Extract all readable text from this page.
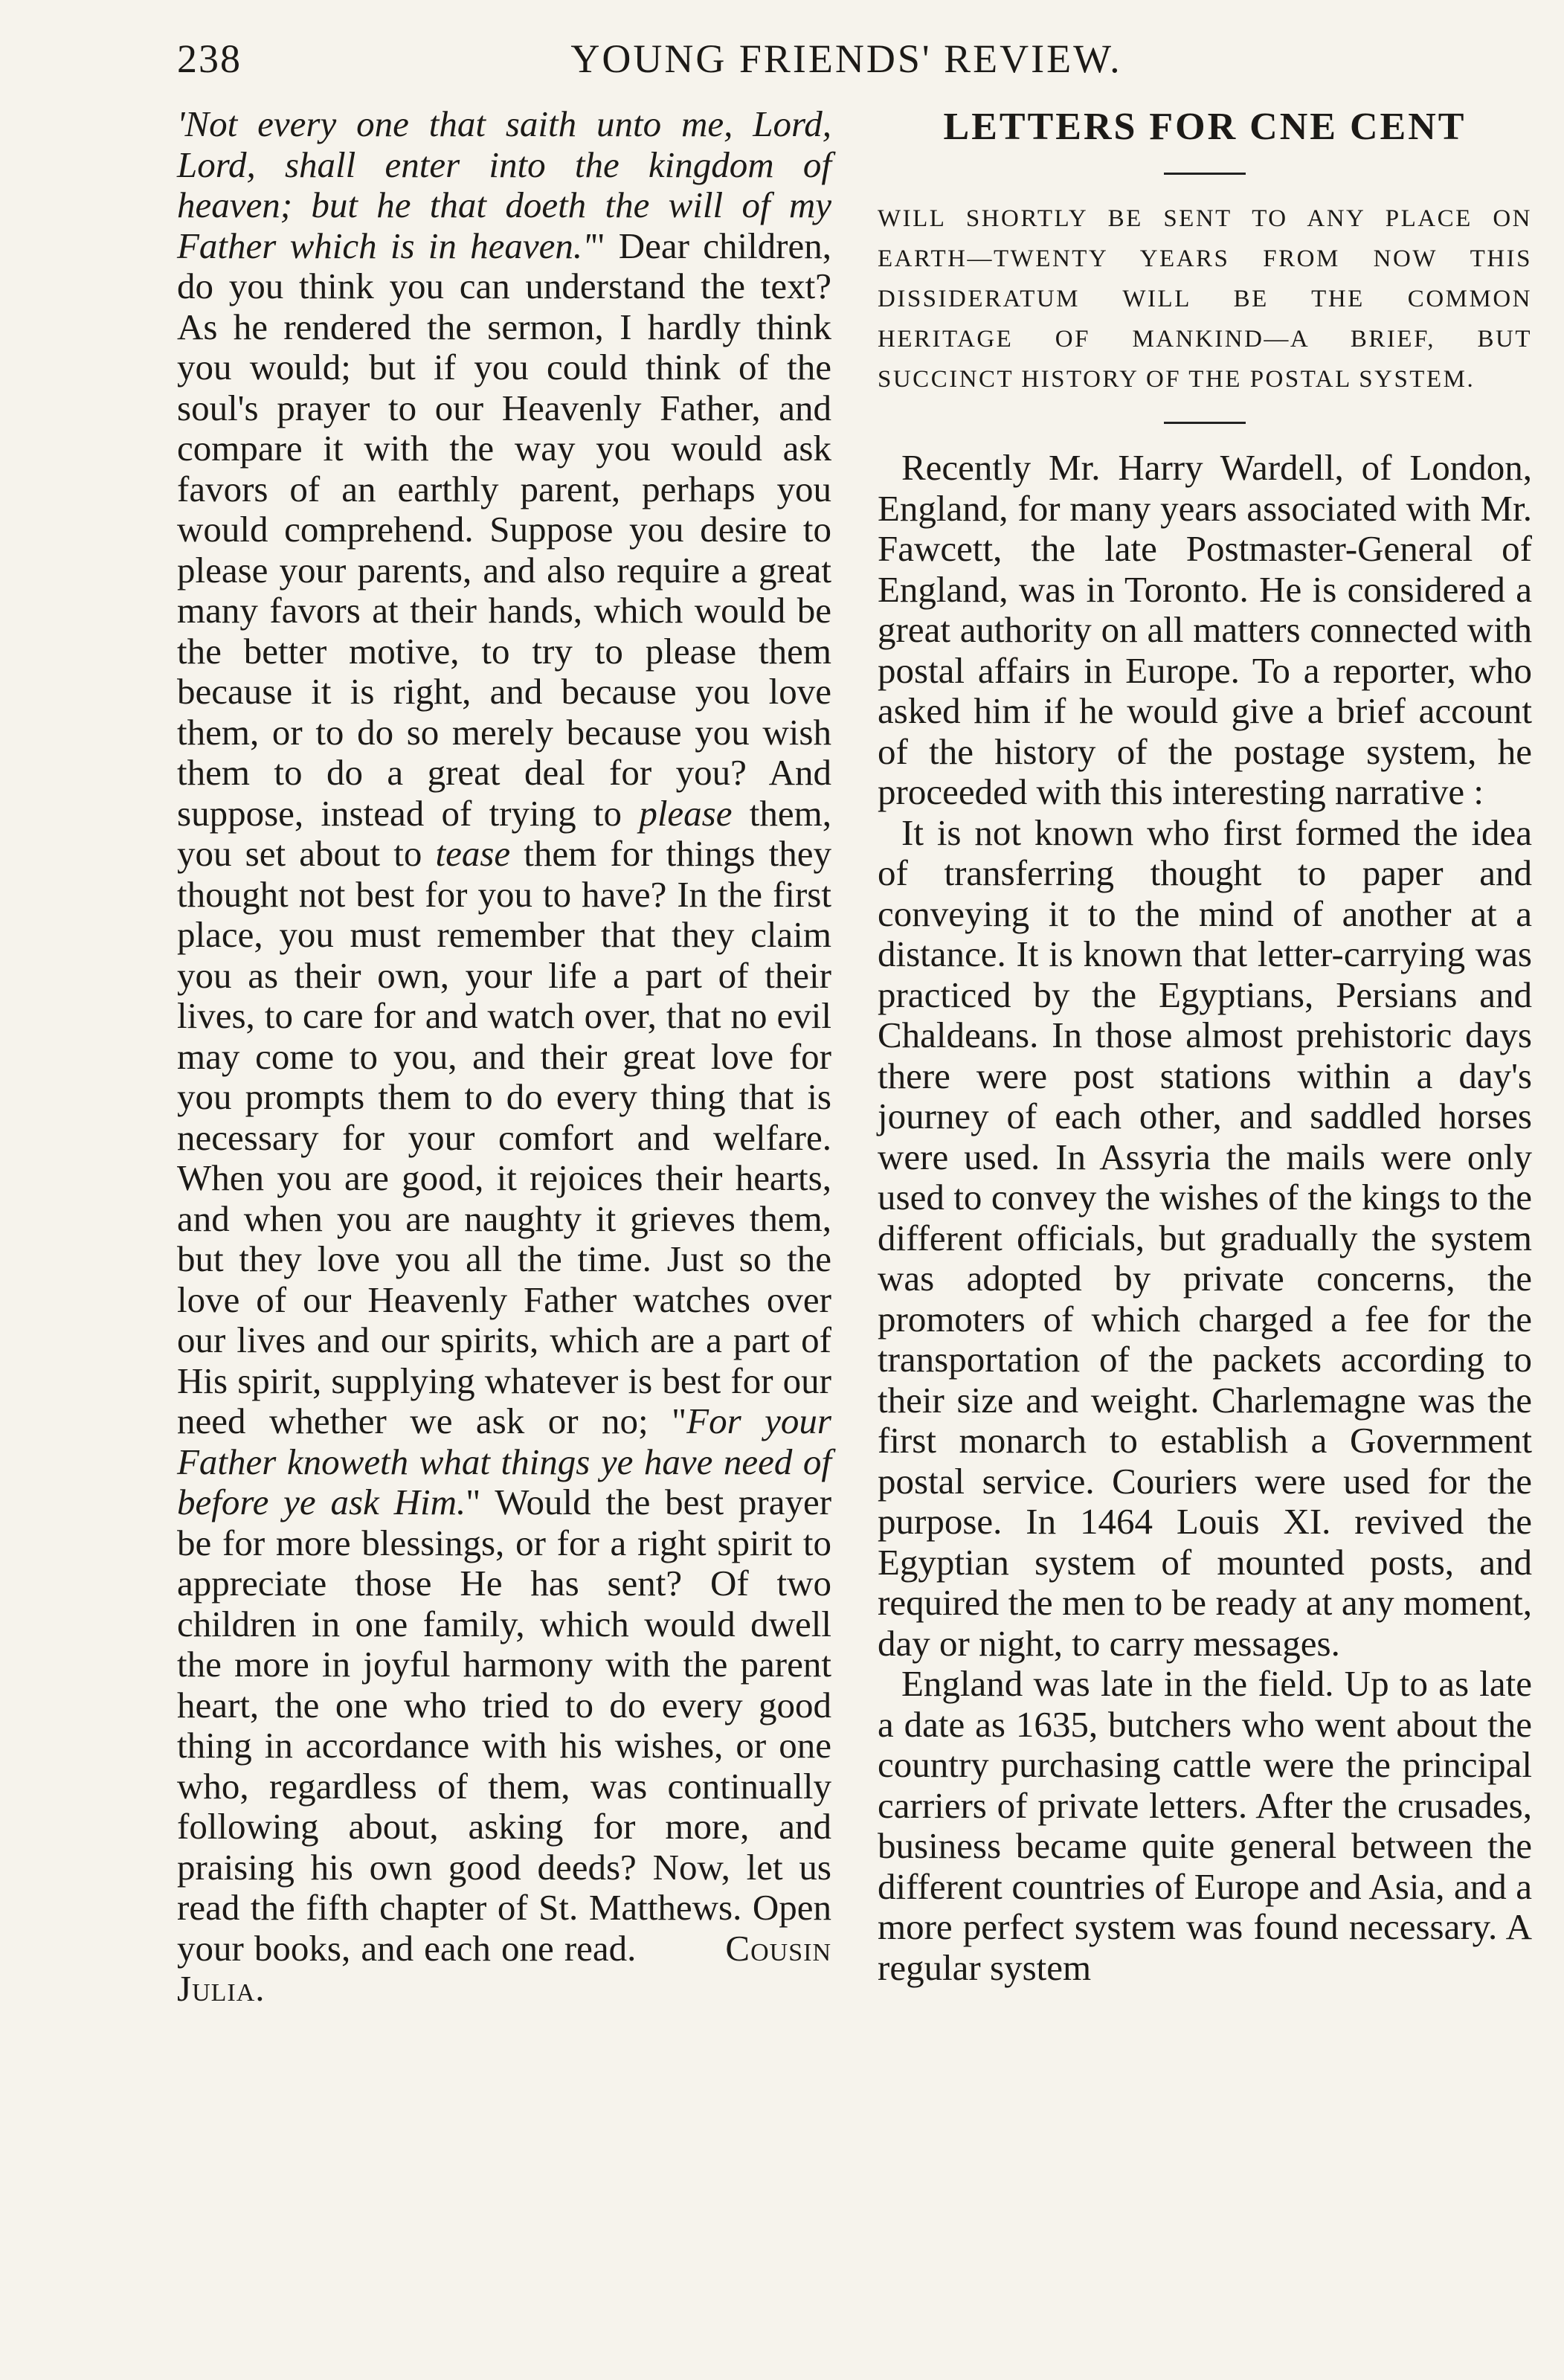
238	YOUNG FRIENDS' REVIEW.

'Not every one that saith unto me, Lord, Lord, shall enter into the kingdom of heaven; but he that doeth the will of my Father which is in heaven.'" Dear children, do you think you can understand the text? As he rendered the sermon, I hardly think you would; but if you could think of the soul's prayer to our Heavenly Father, and compare it with the way you would ask favors of an earthly parent, perhaps you would comprehend. Suppose you desire to please your parents, and also require a great many favors at their hands, which would be the better motive, to try to please them because it is right, and because you love them, or to do so merely because you wish them to do a great deal for you? And suppose, instead of trying to please them, you set about to tease them for things they thought not best for you to have? In the first place, you must remember that they claim you as their own, your life a part of their lives, to care for and watch over, that no evil may come to you, and their great love for you prompts them to do every thing that is necessary for your comfort and welfare. When you are good, it rejoices their hearts, and when you are naughty it grieves them, but they love you all the time. Just so the love of our Heavenly Father watches over our lives and our spirits, which are a part of His spirit, supplying whatever is best for our need whether we ask or no; "For your Father knoweth what things ye have need of before ye ask Him." Would the best prayer be for more blessings, or for a right spirit to appreciate those He has sent? Of two children in one family, which would dwell the more in joyful harmony with the parent heart, the one who tried to do every good thing in accordance with his wishes, or one who, regardless of them, was continually following about, asking for more, and praising his own good deeds? Now, let us read the fifth chapter of St. Matthews. Open your books, and each one read. Cousin Julia.

LETTERS FOR CNE CENT

WILL SHORTLY BE SENT TO ANY PLACE ON EARTH—TWENTY YEARS FROM NOW THIS DISSIDERATUM WILL BE THE COMMON HERITAGE OF MANKIND—A BRIEF, BUT SUCCINCT HISTORY OF THE POSTAL SYSTEM.

Recently Mr. Harry Wardell, of London, England, for many years associated with Mr. Fawcett, the late Postmaster-General of England, was in Toronto. He is considered a great authority on all matters connected with postal affairs in Europe. To a reporter, who asked him if he would give a brief account of the history of the postage system, he proceeded with this interesting narrative :

It is not known who first formed the idea of transferring thought to paper and conveying it to the mind of another at a distance. It is known that letter-carrying was practiced by the Egyptians, Persians and Chaldeans. In those almost prehistoric days there were post stations within a day's journey of each other, and saddled horses were used. In Assyria the mails were only used to convey the wishes of the kings to the different officials, but gradually the system was adopted by private concerns, the promoters of which charged a fee for the transportation of the packets according to their size and weight. Charlemagne was the first monarch to establish a Government postal service. Couriers were used for the purpose. In 1464 Louis XI. revived the Egyptian system of mounted posts, and required the men to be ready at any moment, day or night, to carry messages.

England was late in the field. Up to as late a date as 1635, butchers who went about the country purchasing cattle were the principal carriers of private letters. After the crusades, business became quite general between the different countries of Europe and Asia, and a more perfect system was found necessary. A regular system
